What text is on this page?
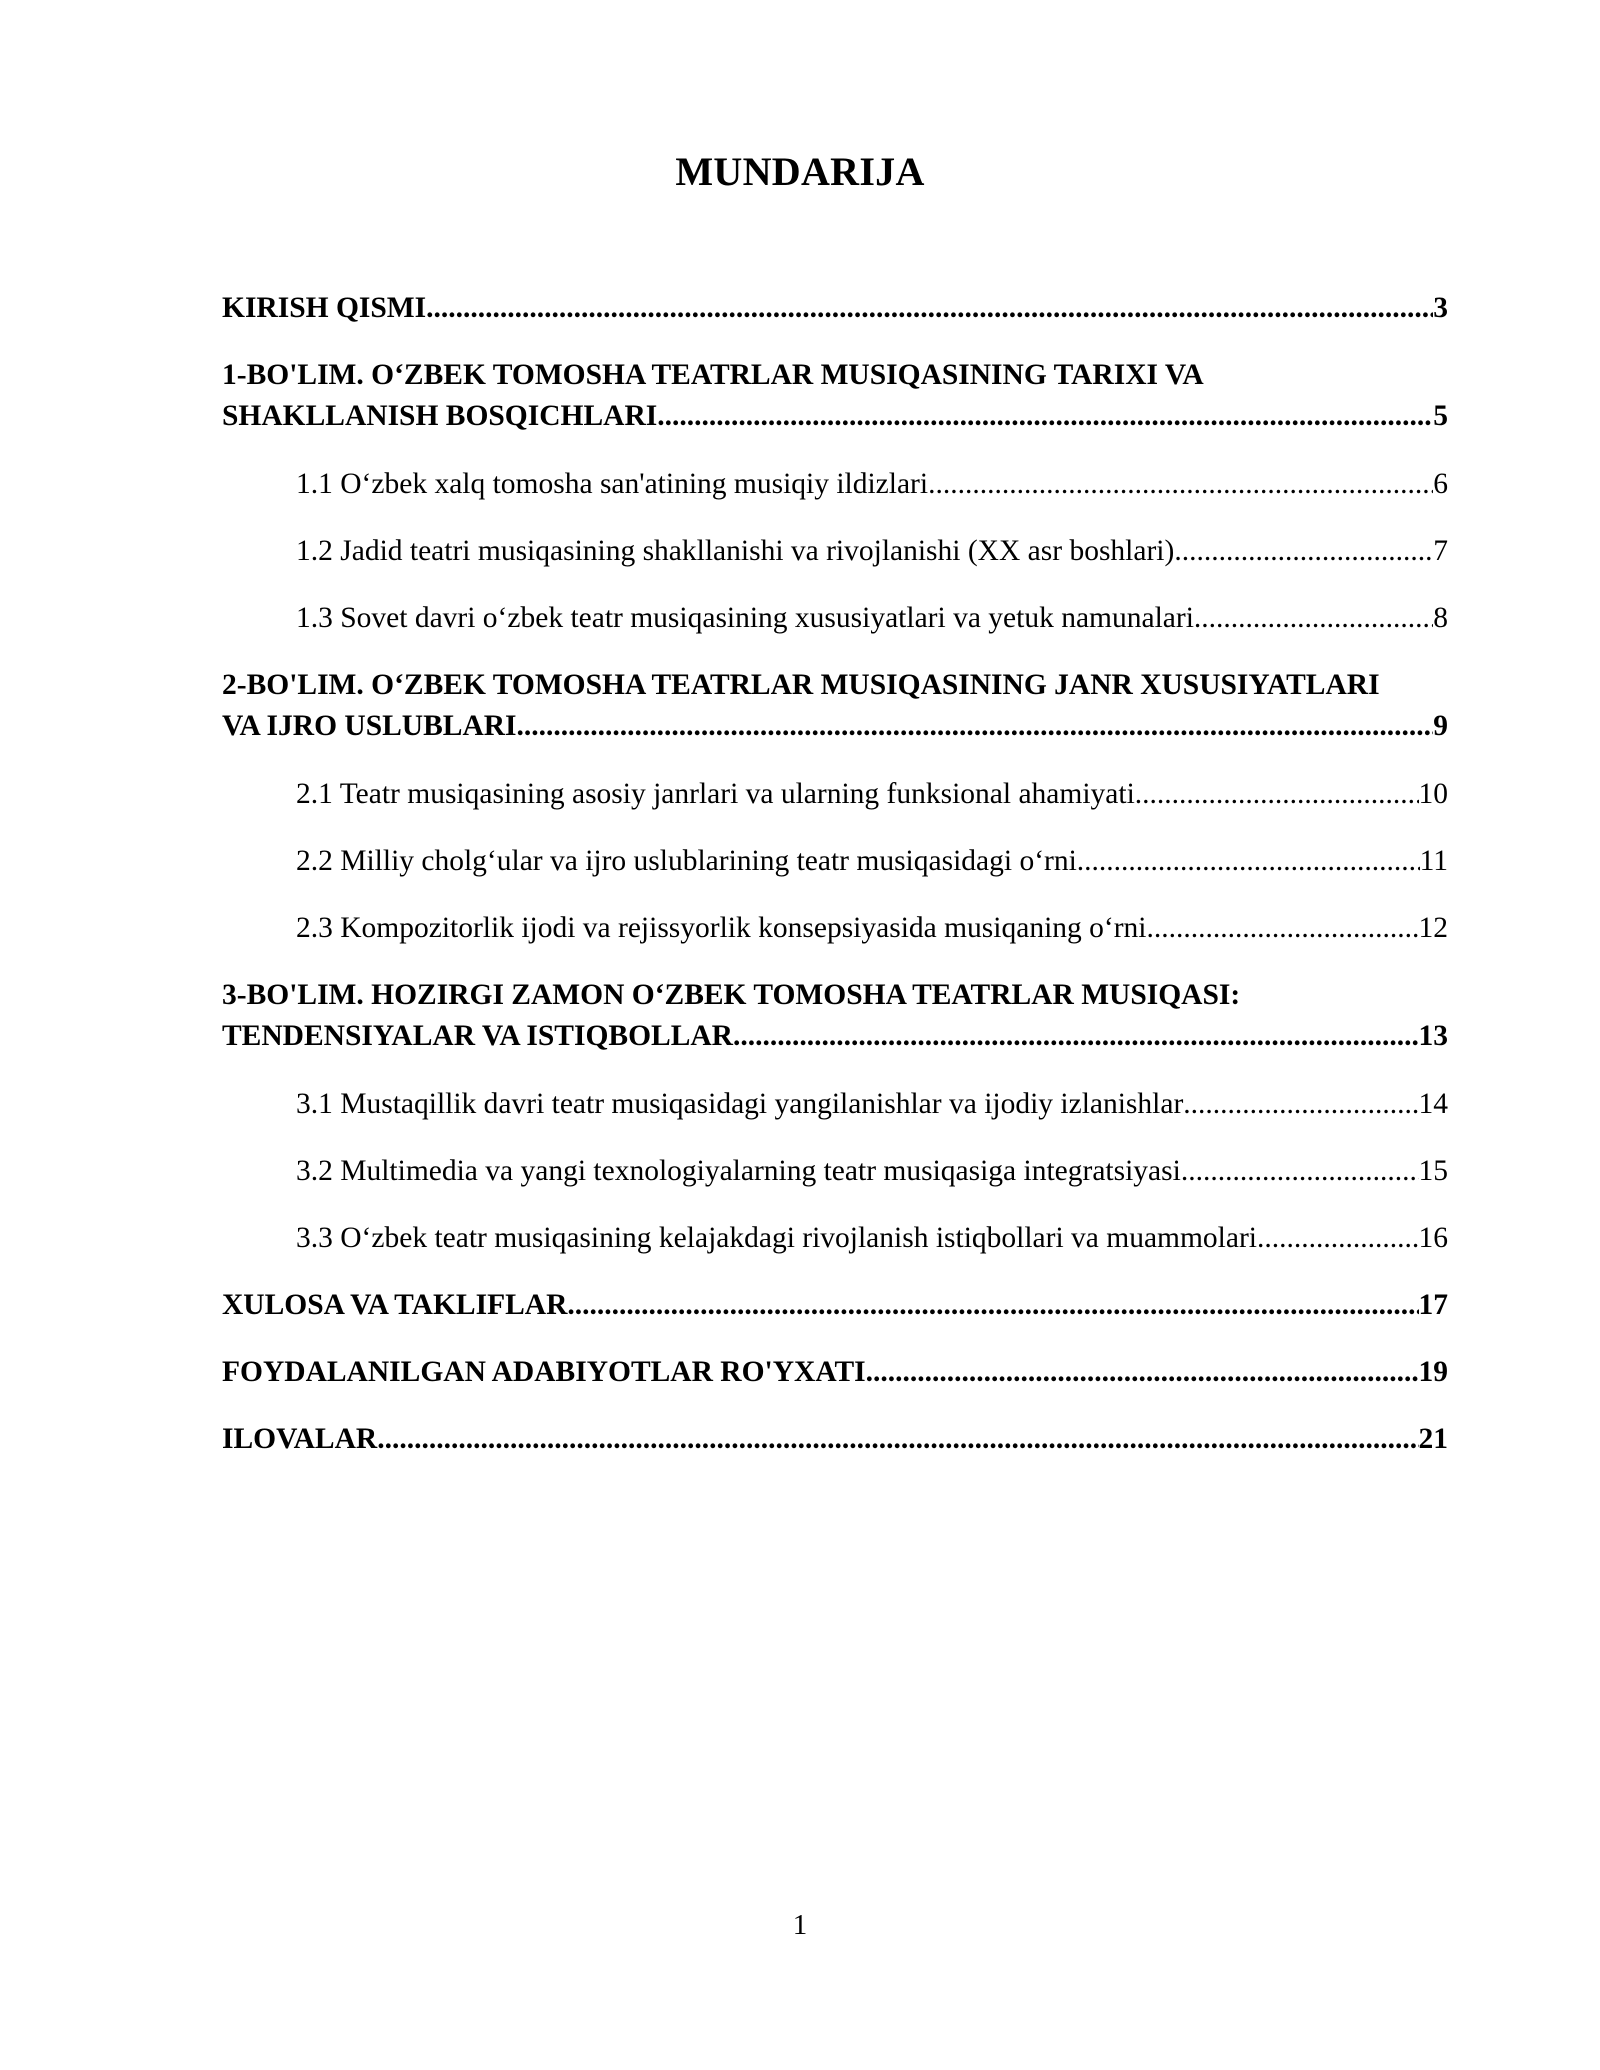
MUNDARIJA
KIRISH QISMI .....	3
1-BO'LIM. O‘ZBEK TOMOSHA TEATRLAR MUSIQASINING TARIXI VA
SHAKLLANISH BOSQICHLARI .....	5
1.1 O‘zbek xalq tomosha san'atining musiqiy ildizlari .....	6
1.2 Jadid teatri musiqasining shakllanishi va rivojlanishi (XX asr boshlari) .....	7
1.3 Sovet davri o‘zbek teatr musiqasining xususiyatlari va yetuk namunalari .....	8
2-BO'LIM. O‘ZBEK TOMOSHA TEATRLAR MUSIQASINING JANR XUSUSIYATLARI
VA IJRO USLUBLARI .....	9
2.1 Teatr musiqasining asosiy janrlari va ularning funksional ahamiyati .....	10
2.2 Milliy cholg‘ular va ijro uslublarining teatr musiqasidagi o‘rni .....	11
2.3 Kompozitorlik ijodi va rejissyorlik konsepsiyasida musiqaning o‘rni .....	12
3-BO'LIM. HOZIRGI ZAMON O‘ZBEK TOMOSHA TEATRLAR MUSIQASI:
TENDENSIYALAR VA ISTIQBOLLAR .....	13
3.1 Mustaqillik davri teatr musiqasidagi yangilanishlar va ijodiy izlanishlar .....	14
3.2 Multimedia va yangi texnologiyalarning teatr musiqasiga integratsiyasi .....	15
3.3 O‘zbek teatr musiqasining kelajakdagi rivojlanish istiqbollari va muammolari .....	16
XULOSA VA TAKLIFLAR .....	17
FOYDALANILGAN ADABIYOTLAR RO'YXATI .....	19
ILOVALAR .....	21
1
